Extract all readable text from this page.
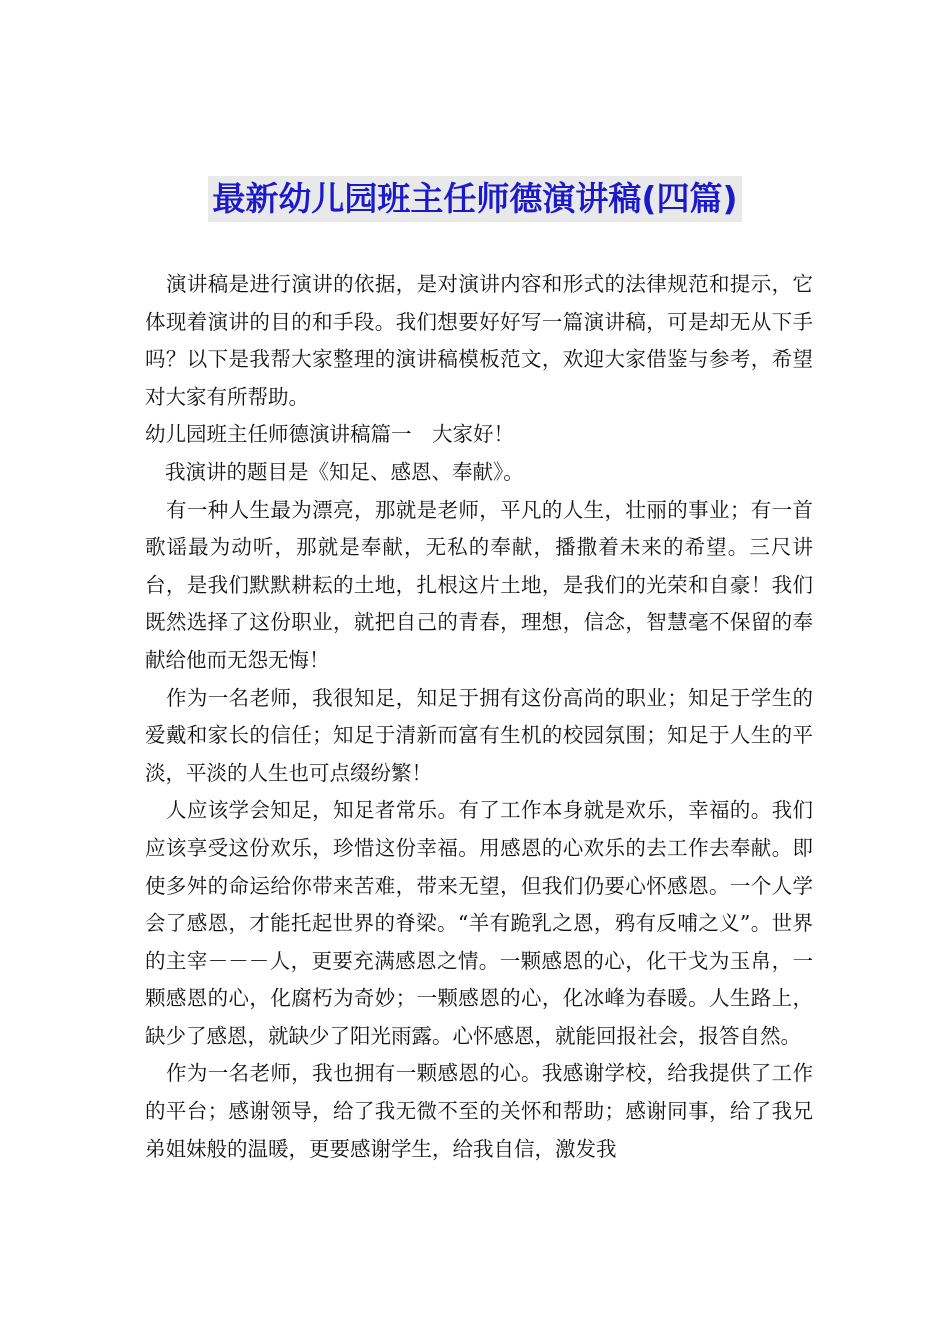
最新幼儿园班主任师德演讲稿(四篇)

演讲稿是进行演讲的依据，是对演讲内容和形式的法律规范和提示，它体现着演讲的目的和手段。我们想要好好写一篇演讲稿，可是却无从下手吗？以下是我帮大家整理的演讲稿模板范文，欢迎大家借鉴与参考，希望对大家有所帮助。

幼儿园班主任师德演讲稿篇一　大家好！

我演讲的题目是《知足、感恩、奉献》。

有一种人生最为漂亮，那就是老师，平凡的人生，壮丽的事业；有一首歌谣最为动听，那就是奉献，无私的奉献，播撒着未来的希望。三尺讲台，是我们默默耕耘的土地，扎根这片土地，是我们的光荣和自豪！我们既然选择了这份职业，就把自己的青春，理想，信念，智慧毫不保留的奉献给他而无怨无悔！

作为一名老师，我很知足，知足于拥有这份高尚的职业；知足于学生的爱戴和家长的信任；知足于清新而富有生机的校园氛围；知足于人生的平淡，平淡的人生也可点缀纷繁！

人应该学会知足，知足者常乐。有了工作本身就是欢乐，幸福的。我们应该享受这份欢乐，珍惜这份幸福。用感恩的心欢乐的去工作去奉献。即使多舛的命运给你带来苦难，带来无望，但我们仍要心怀感恩。一个人学会了感恩，才能托起世界的脊梁。“羊有跪乳之恩，鸦有反哺之义”。世界的主宰－－－人，更要充满感恩之情。一颗感恩的心，化干戈为玉帛，一颗感恩的心，化腐朽为奇妙；一颗感恩的心，化冰峰为春暖。人生路上，缺少了感恩，就缺少了阳光雨露。心怀感恩，就能回报社会，报答自然。

作为一名老师，我也拥有一颗感恩的心。我感谢学校，给我提供了工作的平台；感谢领导，给了我无微不至的关怀和帮助；感谢同事，给了我兄弟姐妹般的温暖，更要感谢学生，给我自信，激发我
